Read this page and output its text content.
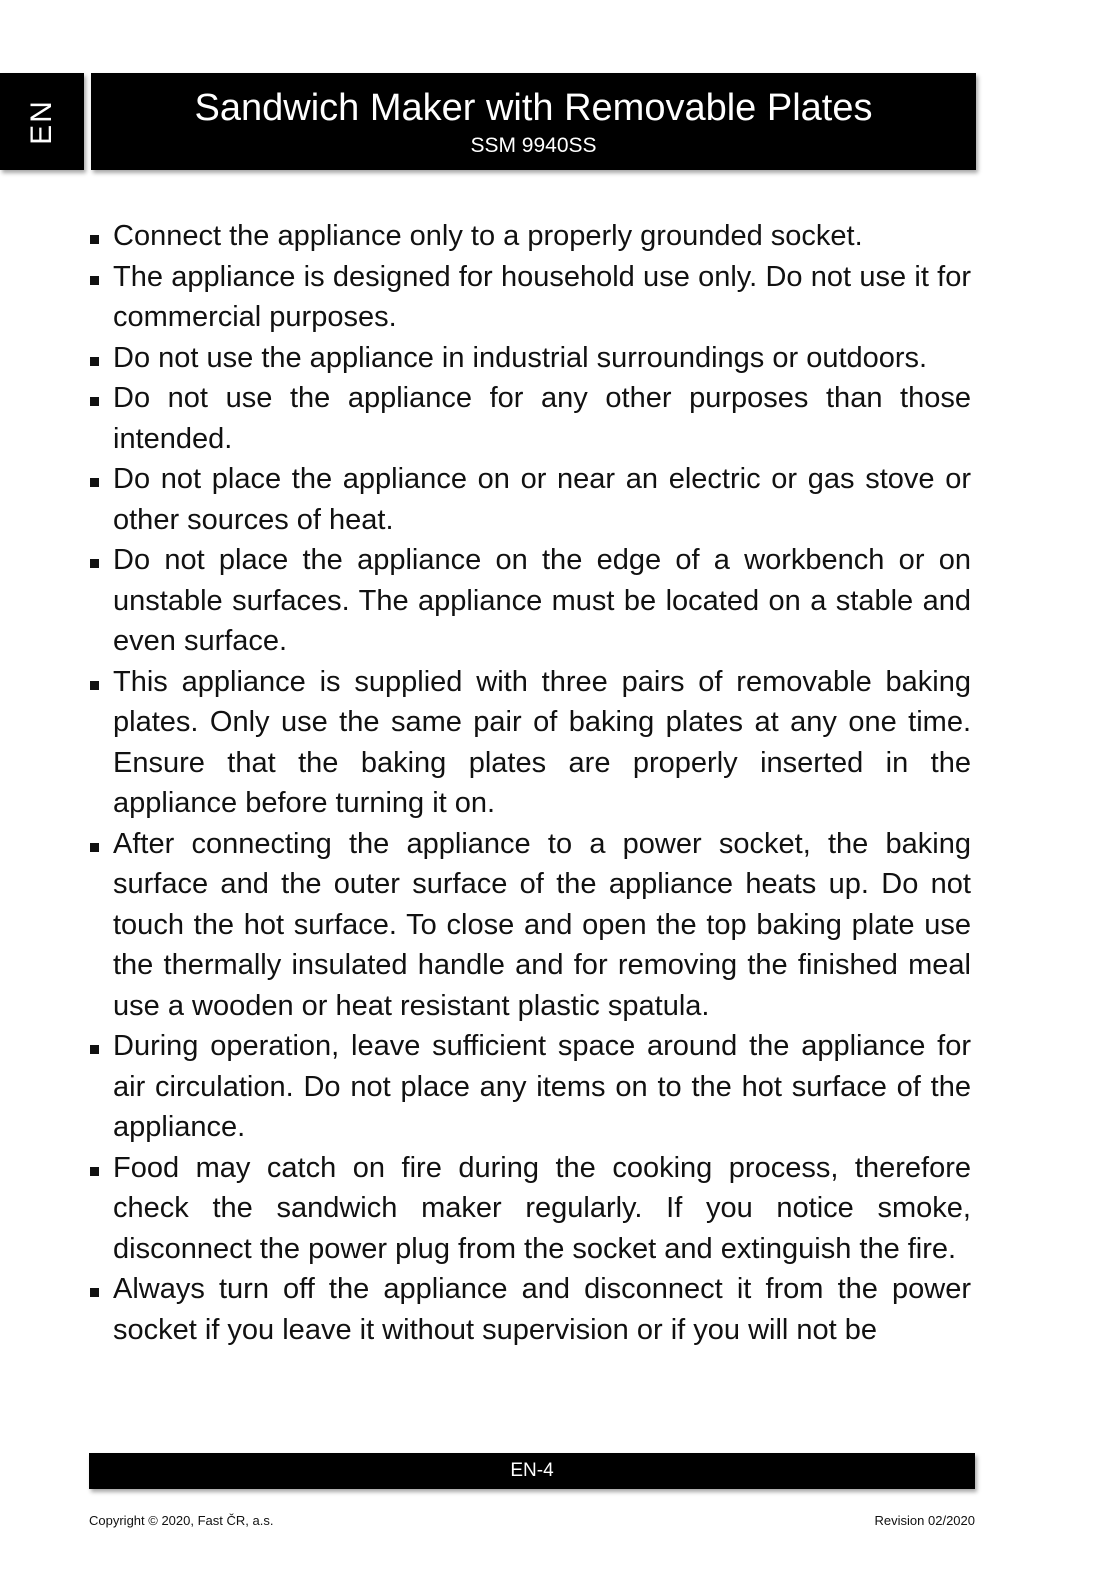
EN	Sandwich Maker with Removable Plates
SSM 9940SS
Connect the appliance only to a properly grounded socket.
The appliance is designed for household use only. Do not use it for commercial purposes.
Do not use the appliance in industrial surroundings or outdoors.
Do not use the appliance for any other purposes than those intended.
Do not place the appliance on or near an electric or gas stove or other sources of heat.
Do not place the appliance on the edge of a workbench or on unstable surfaces. The appliance must be located on a stable and even surface.
This appliance is supplied with three pairs of removable baking plates. Only use the same pair of baking plates at any one time. Ensure that the baking plates are properly inserted in the appliance before turning it on.
After connecting the appliance to a power socket, the baking surface and the outer surface of the appliance heats up. Do not touch the hot surface. To close and open the top baking plate use the thermally insulated handle and for removing the finished meal use a wooden or heat resistant plastic spatula.
During operation, leave sufficient space around the appliance for air circulation. Do not place any items on to the hot surface of the appliance.
Food may catch on fire during the cooking process, therefore check the sandwich maker regularly. If you notice smoke, disconnect the power plug from the socket and extinguish the fire.
Always turn off the appliance and disconnect it from the power socket if you leave it without supervision or if you will not be
EN-4
Copyright © 2020, Fast ČR, a.s.	Revision 02/2020
